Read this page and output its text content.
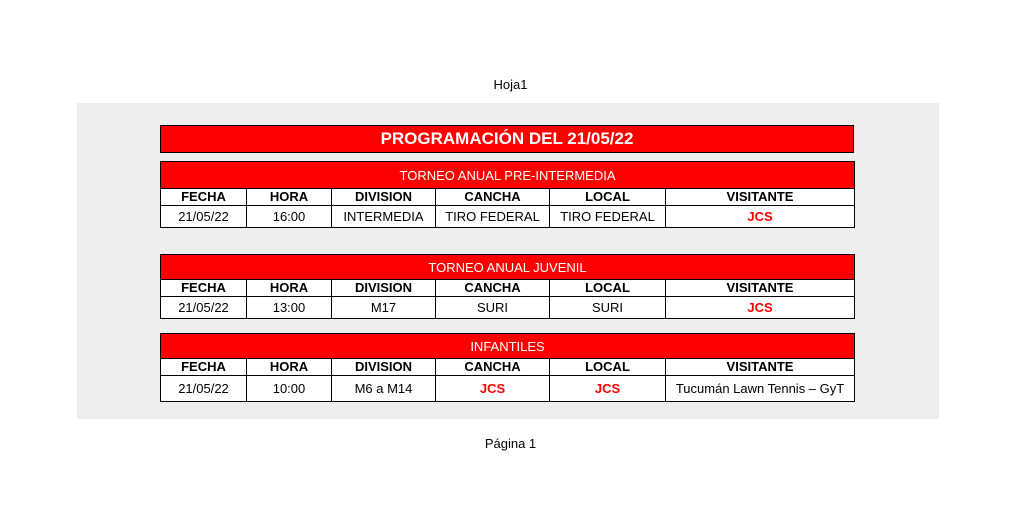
Hoja1
PROGRAMACIÓN DEL 21/05/22
TORNEO ANUAL PRE-INTERMEDIA					
FECHA	HORA	DIVISION	CANCHA	LOCAL	VISITANTE
21/05/22	16:00	INTERMEDIA	TIRO FEDERAL	TIRO FEDERAL	JCS
TORNEO ANUAL JUVENIL					
FECHA	HORA	DIVISION	CANCHA	LOCAL	VISITANTE
21/05/22	13:00	M17	SURI	SURI	JCS
INFANTILES					
FECHA	HORA	DIVISION	CANCHA	LOCAL	VISITANTE
21/05/22	10:00	M6 a M14	JCS	JCS	Tucumán Lawn Tennis – GyT
Página 1
